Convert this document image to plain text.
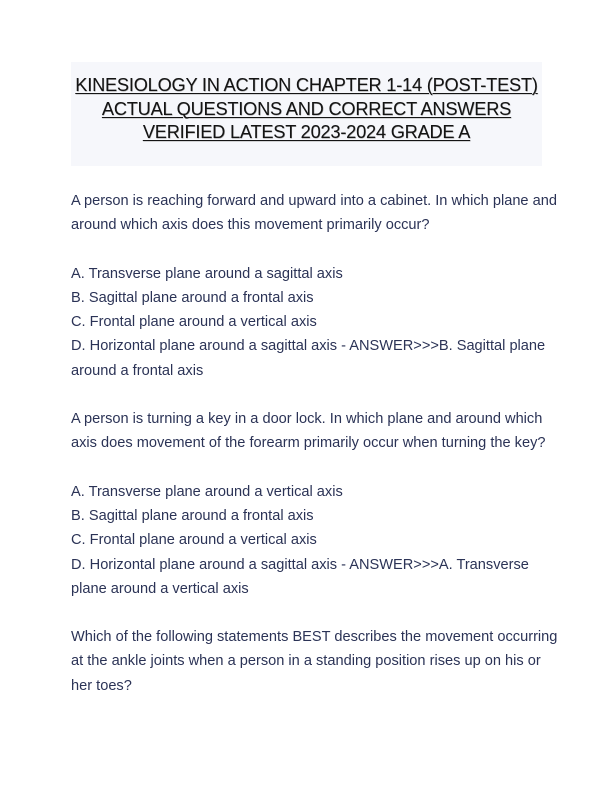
KINESIOLOGY IN ACTION CHAPTER 1-14 (POST-TEST)
ACTUAL QUESTIONS AND CORRECT ANSWERS
VERIFIED LATEST 2023-2024 GRADE A
A person is reaching forward and upward into a cabinet. In which plane and
around which axis does this movement primarily occur?
A. Transverse plane around a sagittal axis
B. Sagittal plane around a frontal axis
C. Frontal plane around a vertical axis
D. Horizontal plane around a sagittal axis - ANSWER>>>B. Sagittal plane
around a frontal axis
A person is turning a key in a door lock. In which plane and around which
axis does movement of the forearm primarily occur when turning the key?
A. Transverse plane around a vertical axis
B. Sagittal plane around a frontal axis
C. Frontal plane around a vertical axis
D. Horizontal plane around a sagittal axis - ANSWER>>>A. Transverse
plane around a vertical axis
Which of the following statements BEST describes the movement occurring
at the ankle joints when a person in a standing position rises up on his or
her toes?
